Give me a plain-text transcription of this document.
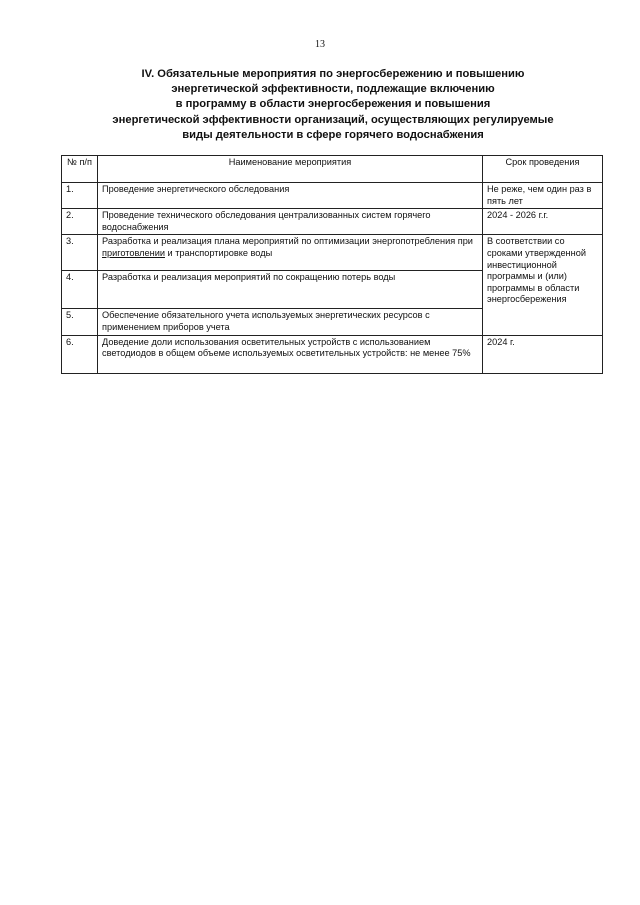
13
IV. Обязательные мероприятия по энергосбережению и повышению
энергетической эффективности, подлежащие включению
в программу в области энергосбережения и повышения
энергетической эффективности организаций, осуществляющих регулируемые
виды деятельности в сфере горячего водоснабжения
№ п/п	Наименование мероприятия	Срок проведения
1.	Проведение энергетического обследования	Не реже, чем один раз в пять лет
2.	Проведение технического обследования централизованных систем горячего водоснабжения	2024 - 2026 г.г.
3.	Разработка и реализация плана мероприятий по оптимизации энергопотребления при приготовлении и транспортировке воды	В соответствии со сроками утвержденной инвестиционной программы и (или) программы в области энергосбережения
4.	Разработка и реализация мероприятий по сокращению потерь воды	
5.	Обеспечение обязательного учета используемых энергетических ресурсов с применением приборов учета	
6.	Доведение доли использования осветительных устройств с использованием светодиодов в общем объеме используемых осветительных устройств: не менее 75%	2024 г.
